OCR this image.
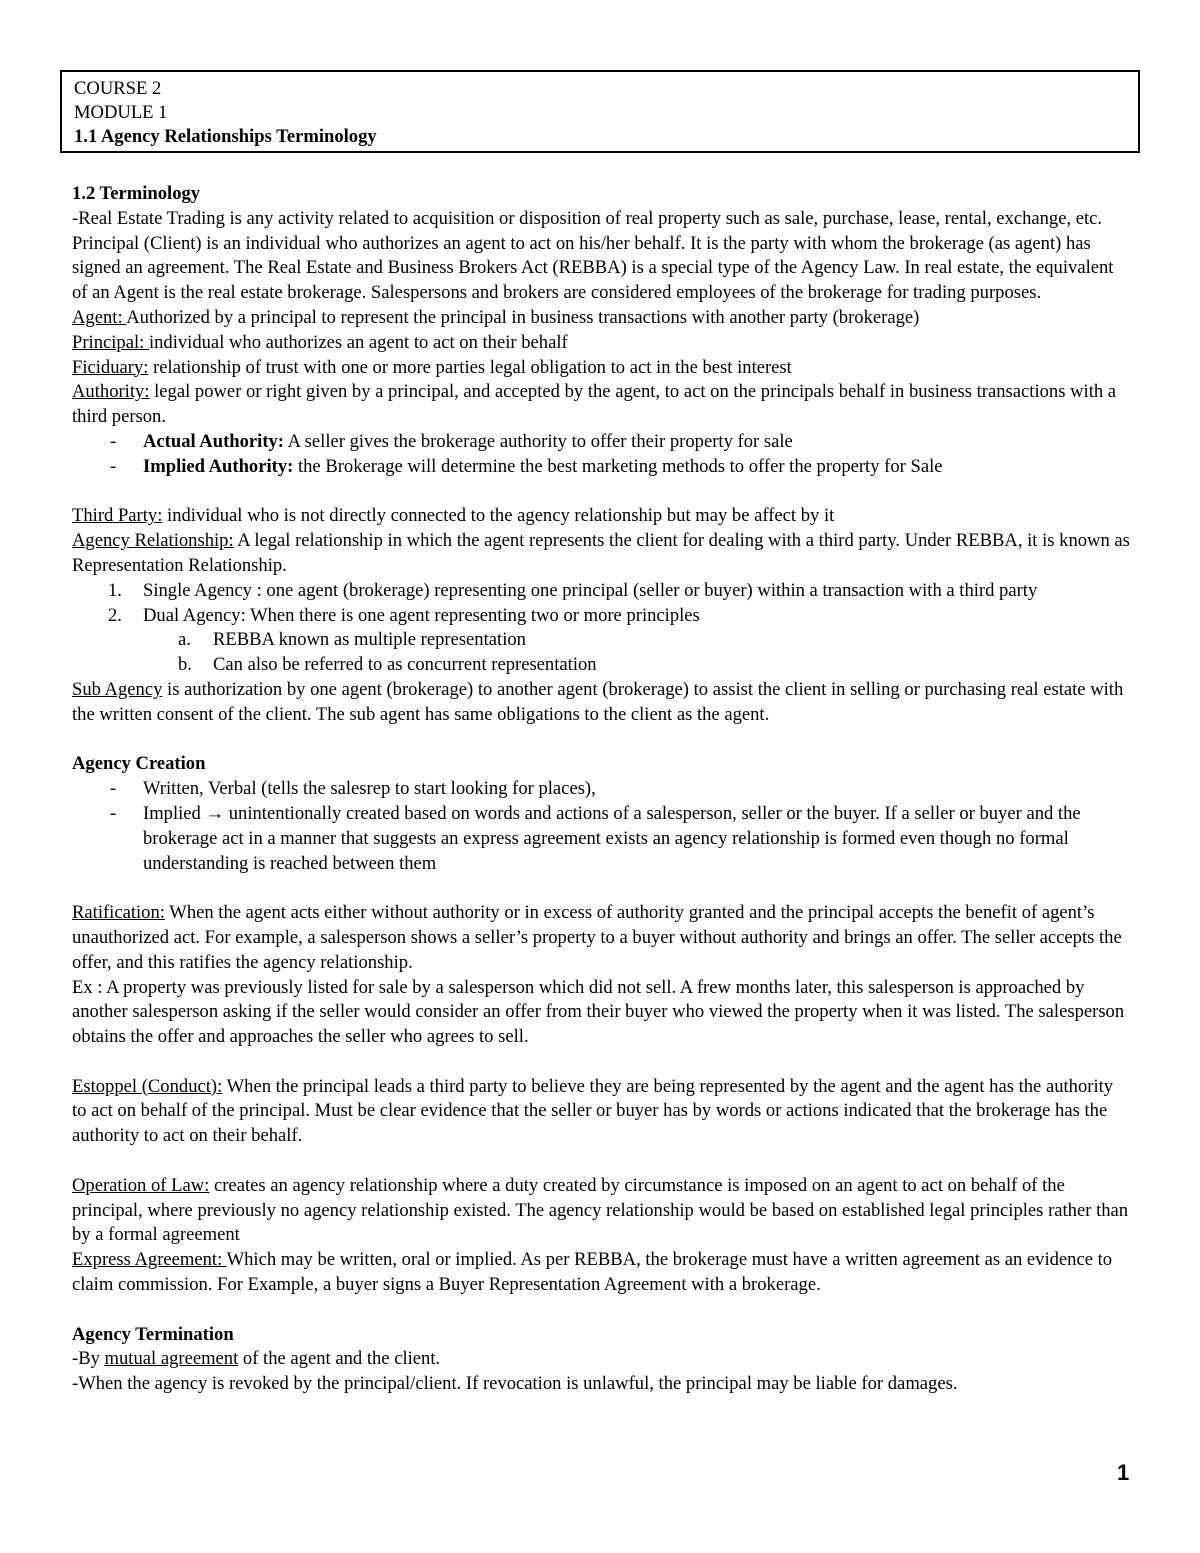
COURSE 2
MODULE 1
1.1 Agency Relationships Terminology

1.2 Terminology

-Real Estate Trading is any activity related to acquisition or disposition of real property such as sale, purchase, lease, rental, exchange, etc. Principal (Client) is an individual who authorizes an agent to act on his/her behalf. It is the party with whom the brokerage (as agent) has signed an agreement. The Real Estate and Business Brokers Act (REBBA) is a special type of the Agency Law. In real estate, the equivalent of an Agent is the real estate brokerage. Salespersons and brokers are considered employees of the brokerage for trading purposes.

Agent: Authorized by a principal to represent the principal in business transactions with another party (brokerage)

Principal: individual who authorizes an agent to act on their behalf

Ficiduary: relationship of trust with one or more parties legal obligation to act in the best interest

Authority: legal power or right given by a principal, and accepted by the agent, to act on the principals behalf in business transactions with a third person.

- Actual Authority: A seller gives the brokerage authority to offer their property for sale
- Implied Authority: the Brokerage will determine the best marketing methods to offer the property for Sale

Third Party: individual who is not directly connected to the agency relationship but may be affect by it

Agency Relationship: A legal relationship in which the agent represents the client for dealing with a third party. Under REBBA, it is known as Representation Relationship.

1. Single Agency : one agent (brokerage) representing one principal (seller or buyer) within a transaction with a third party
2. Dual Agency: When there is one agent representing two or more principles
a. REBBA known as multiple representation
b. Can also be referred to as concurrent representation

Sub Agency is authorization by one agent (brokerage) to another agent (brokerage) to assist the client in selling or purchasing real estate with the written consent of the client. The sub agent has same obligations to the client as the agent.

Agency Creation

- Written, Verbal (tells the salesrep to start looking for places),
- Implied → unintentionally created based on words and actions of a salesperson, seller or the buyer. If a seller or buyer and the brokerage act in a manner that suggests an express agreement exists an agency relationship is formed even though no formal understanding is reached between them

Ratification: When the agent acts either without authority or in excess of authority granted and the principal accepts the benefit of agent’s unauthorized act. For example, a salesperson shows a seller’s property to a buyer without authority and brings an offer. The seller accepts the offer, and this ratifies the agency relationship.

Ex : A property was previously listed for sale by a salesperson which did not sell. A frew months later, this salesperson is approached by another salesperson asking if the seller would consider an offer from their buyer who viewed the property when it was listed. The salesperson obtains the offer and approaches the seller who agrees to sell.

Estoppel (Conduct): When the principal leads a third party to believe they are being represented by the agent and the agent has the authority to act on behalf of the principal. Must be clear evidence that the seller or buyer has by words or actions indicated that the brokerage has the authority to act on their behalf.

Operation of Law: creates an agency relationship where a duty created by circumstance is imposed on an agent to act on behalf of the principal, where previously no agency relationship existed. The agency relationship would be based on established legal principles rather than by a formal agreement

Express Agreement: Which may be written, oral or implied. As per REBBA, the brokerage must have a written agreement as an evidence to claim commission. For Example, a buyer signs a Buyer Representation Agreement with a brokerage.

Agency Termination

-By mutual agreement of the agent and the client.

-When the agency is revoked by the principal/client. If revocation is unlawful, the principal may be liable for damages.

1
